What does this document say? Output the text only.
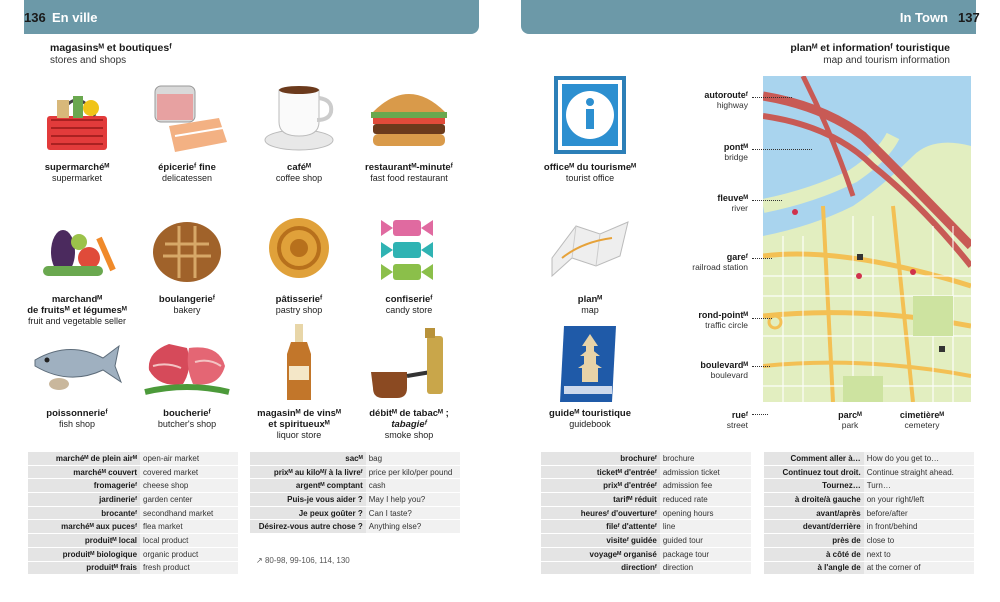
En ville
136
magasinsᴹ et boutiquesᶠ
stores and shops
supermarchéᴹ
supermarket
épicerieᶠ fine
delicatessen
caféᴹ
coffee shop
restaurantᴹ-minuteᶠ
fast food restaurant
marchandᴹ
de fruitsᴹ et légumesᴹ
fruit and vegetable seller
boulangerieᶠ
bakery
pâtisserieᶠ
pastry shop
confiserieᶠ
candy store
poissonnerieᶠ
fish shop
boucherieᶠ
butcher's shop
magasinᴹ de vinsᴹ
et spiritueuxᴹ
liquor store
débitᴹ de tabacᴹ ;
tabagieᶠ
smoke shop
marchéᴹ de plein airᴹ	open-air market
marchéᴹ couvert	covered market
fromagerieᶠ	cheese shop
jardinerieᶠ	garden center
brocanteᶠ	secondhand market
marchéᴹ aux pucesᶠ	flea market
produitᴹ local	local product
produitᴹ biologique	organic product
produitᴹ frais	fresh product
sacᴹ	bag
prixᴹ au kiloᴹ/ à la livreᶠ	price per kilo/per pound
argentᴹ comptant	cash
Puis-je vous aider ?	May I help you?
Je peux goûter ?	Can I taste?
Désirez-vous autre chose ?	Anything else?
↗ 80-98, 99-106, 114, 130
In Town 137
planᴹ et informationᶠ touristique
map and tourism information
officeᴹ du tourismeᴹ
tourist office
planᴹ
map
guideᴹ touristique
guidebook
autorouteᶠ
highway
pontᴹ
bridge
fleuveᴹ
river
gareᶠ
railroad station
rond-pointᴹ
traffic circle
boulevardᴹ
boulevard
rueᶠ
street
parcᴹ
park
cimetièreᴹ
cemetery
brochureᶠ	brochure
ticketᴹ d'entréeᶠ	admission ticket
prixᴹ d'entréeᶠ	admission fee
tarifᴹ réduit	reduced rate
heuresᶠ d'ouvertureᶠ	opening hours
fileᶠ d'attenteᶠ	line
visiteᶠ guidée	guided tour
voyageᴹ organisé	package tour
directionᶠ	direction
Comment aller à…	How do you get to…
Continuez tout droit.	Continue straight ahead.
Tournez…	Turn…
à droite/à gauche	on your right/left
avant/après	before/after
devant/derrière	in front/behind
près de	close to
à côté de	next to
à l'angle de	at the corner of
